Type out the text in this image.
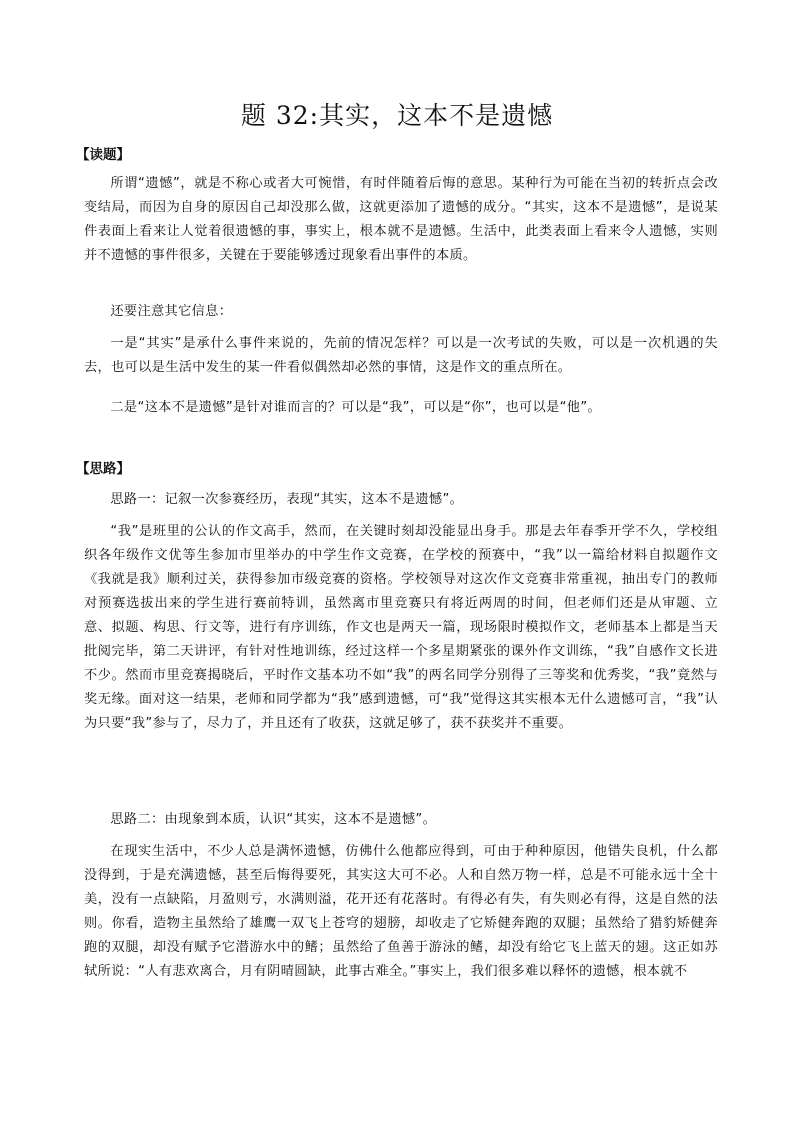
题 32:其实，这本不是遗憾
【读题】

所谓“遗憾”，就是不称心或者大可惋惜，有时伴随着后悔的意思。某种行为可能在当初的转折点会改变结局，而因为自身的原因自己却没那么做，这就更添加了遗憾的成分。“其实，这本不是遗憾”，是说某件表面上看来让人觉着很遗憾的事，事实上，根本就不是遗憾。生活中，此类表面上看来令人遗憾，实则并不遗憾的事件很多，关键在于要能够透过现象看出事件的本质。

还要注意其它信息：

一是“其实”是承什么事件来说的，先前的情况怎样？可以是一次考试的失败，可以是一次机遇的失去，也可以是生活中发生的某一件看似偶然却必然的事情，这是作文的重点所在。

二是“这本不是遗憾”是针对谁而言的？可以是“我”，可以是“你”，也可以是“他”。

【思路】

思路一：记叙一次参赛经历，表现“其实，这本不是遗憾”。

“我”是班里的公认的作文高手，然而，在关键时刻却没能显出身手。那是去年春季开学不久，学校组织各年级作文优等生参加市里举办的中学生作文竞赛，在学校的预赛中，“我”以一篇给材料自拟题作文《我就是我》顺利过关，获得参加市级竞赛的资格。学校领导对这次作文竞赛非常重视，抽出专门的教师对预赛选拔出来的学生进行赛前特训，虽然离市里竞赛只有将近两周的时间，但老师们还是从审题、立意、拟题、构思、行文等，进行有序训练，作文也是两天一篇，现场限时模拟作文，老师基本上都是当天批阅完毕，第二天讲评，有针对性地训练，经过这样一个多星期紧张的课外作文训练，“我”自感作文长进不少。然而市里竞赛揭晓后，平时作文基本功不如“我”的两名同学分别得了三等奖和优秀奖，“我”竟然与奖无缘。面对这一结果，老师和同学都为“我”感到遗憾，可“我”觉得这其实根本无什么遗憾可言，“我”认为只要“我”参与了，尽力了，并且还有了收获，这就足够了，获不获奖并不重要。

思路二：由现象到本质，认识“其实，这本不是遗憾”。

在现实生活中，不少人总是满怀遗憾，仿佛什么他都应得到，可由于种种原因，他错失良机，什么都没得到，于是充满遗憾，甚至后悔得要死，其实这大可不必。人和自然万物一样，总是不可能永远十全十美，没有一点缺陷，月盈则亏，水满则溢，花开还有花落时。有得必有失，有失则必有得，这是自然的法则。你看，造物主虽然给了雄鹰一双飞上苍穹的翅膀，却收走了它矫健奔跑的双腿；虽然给了猎豹矫健奔跑的双腿，却没有赋予它潜游水中的鳍；虽然给了鱼善于游泳的鳍，却没有给它飞上蓝天的翅。这正如苏轼所说：“人有悲欢离合，月有阴晴圆缺，此事古难全。”事实上，我们很多难以释怀的遗憾，根本就不
